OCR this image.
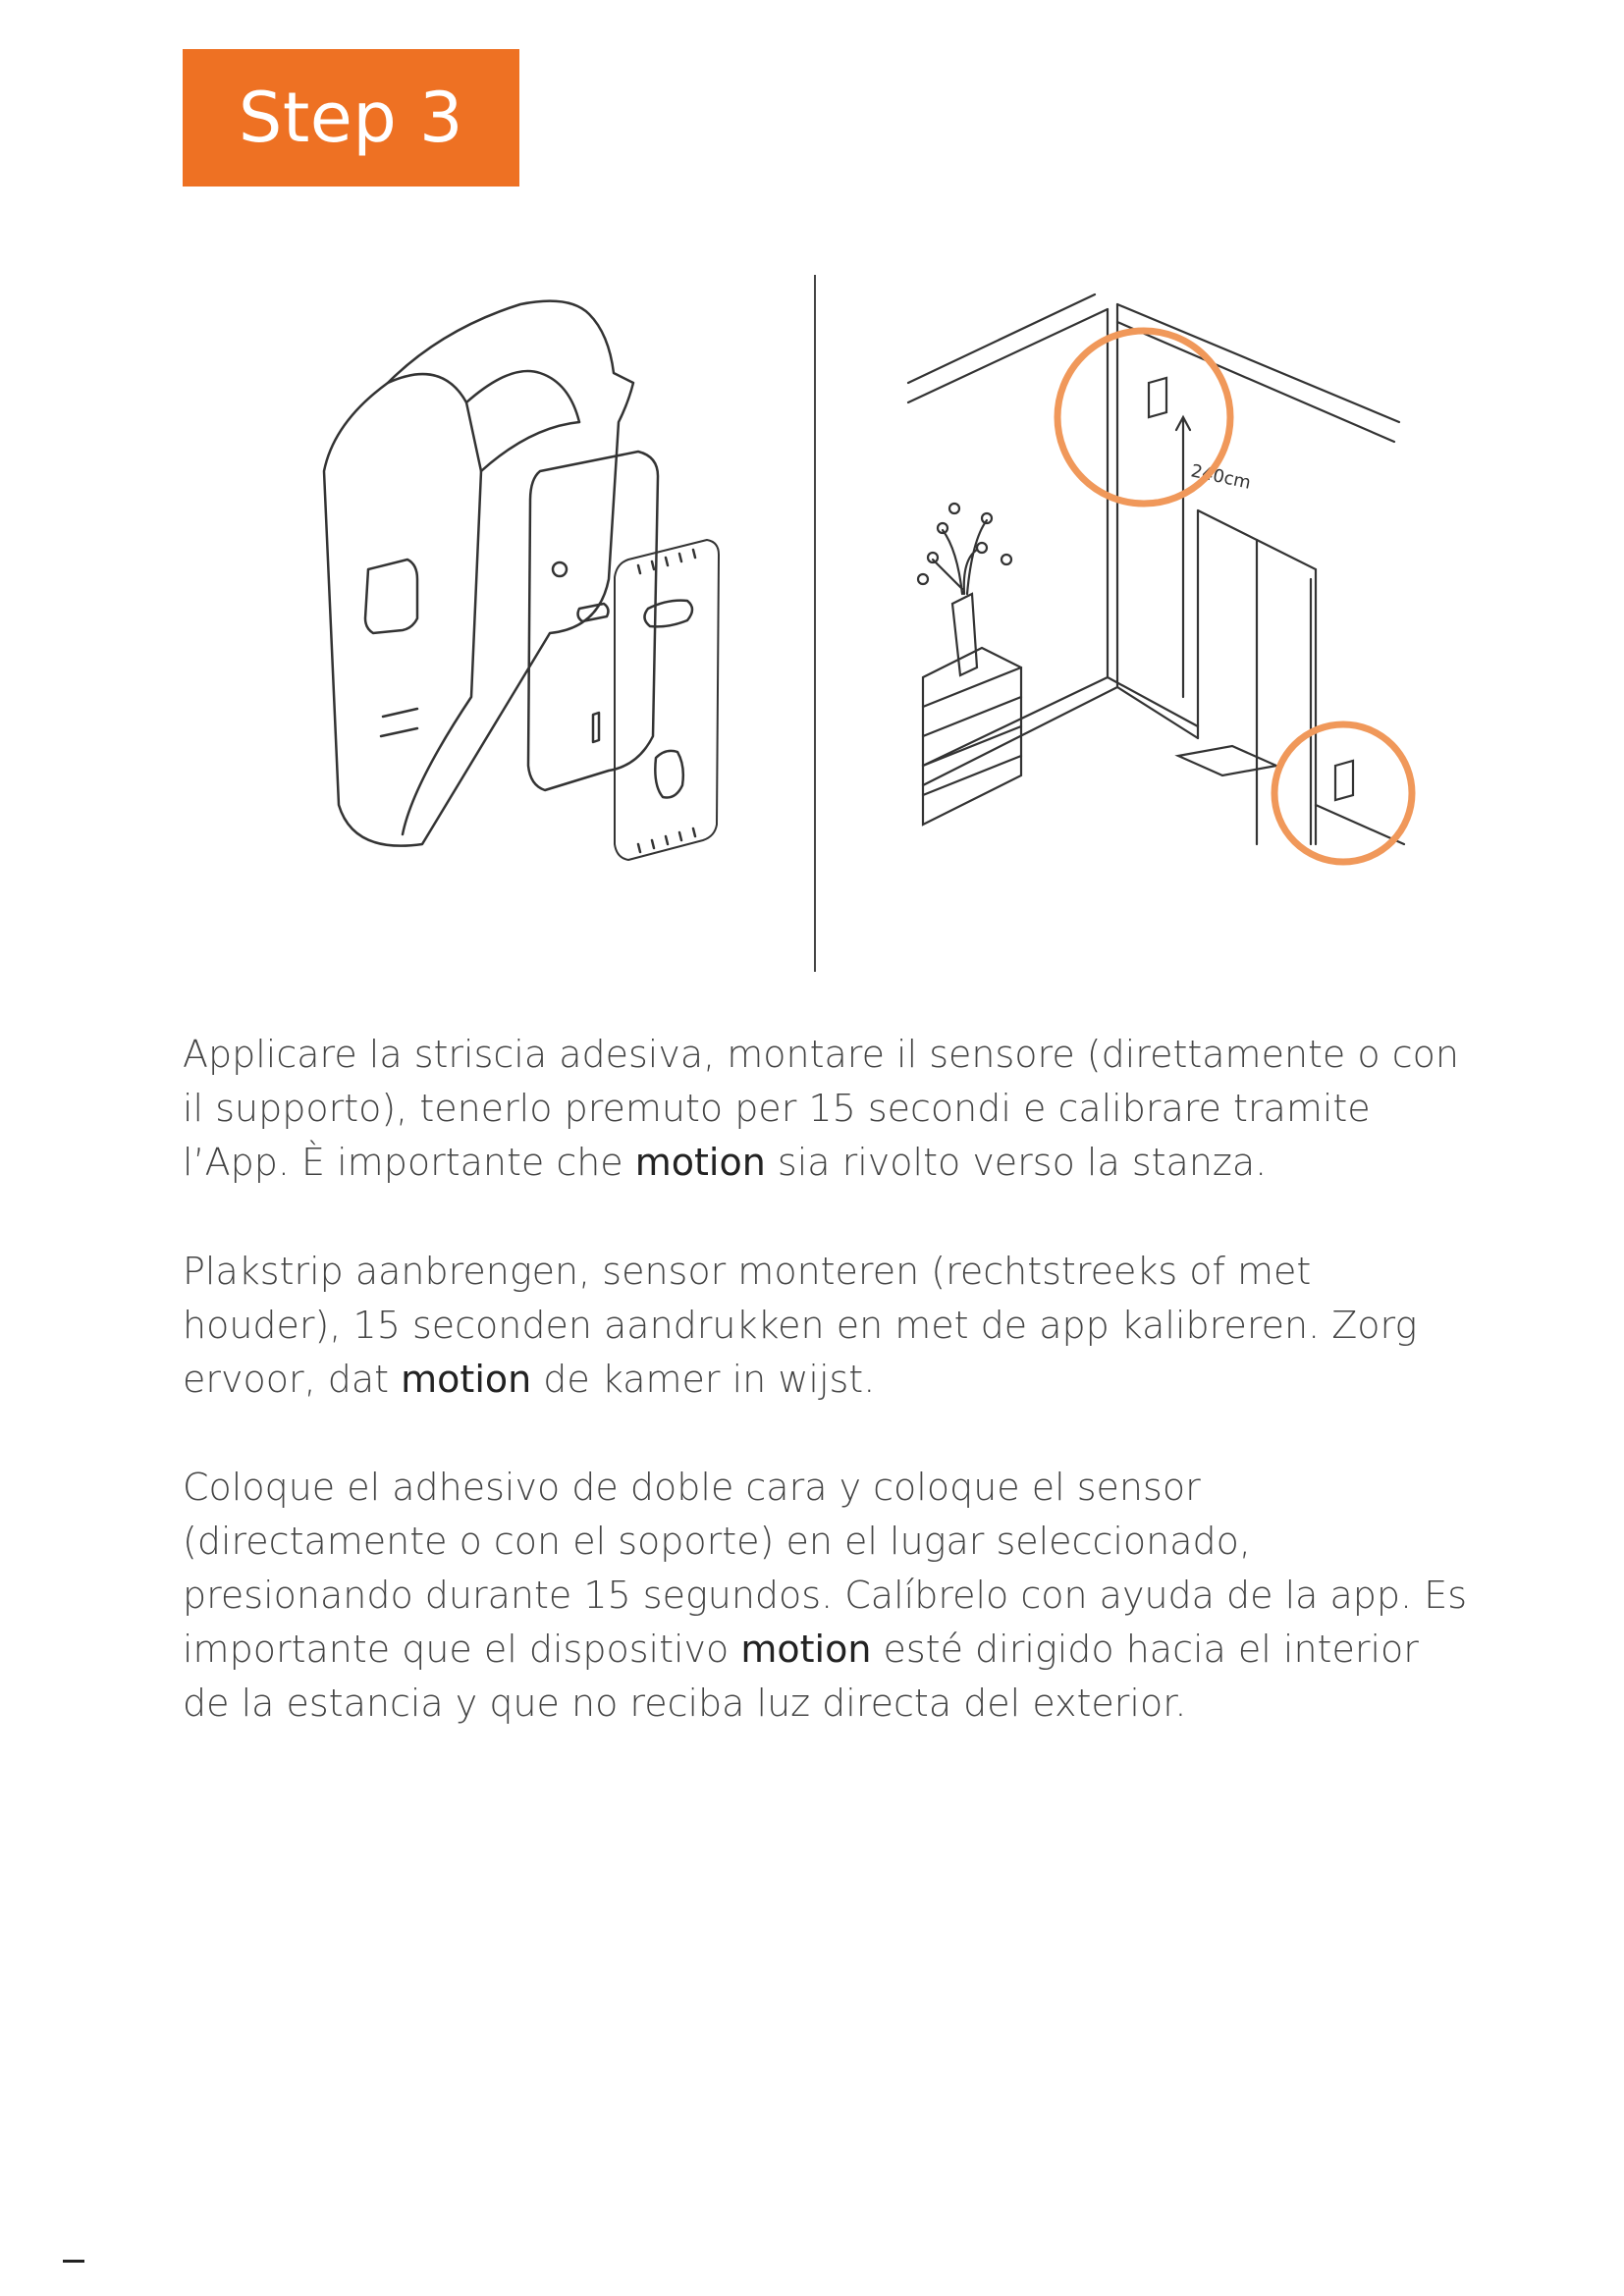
Step 3
240cm

Applicare la striscia adesiva, montare il sensore (direttamente o con il supporto), tenerlo premuto per 15 secondi e calibrare tramite l’App. È importante che motion sia rivolto verso la stanza.

Plakstrip aanbrengen, sensor monteren (rechtstreeks of met houder), 15 seconden aandrukken en met de app kalibreren. Zorg ervoor, dat motion de kamer in wijst.

Coloque el adhesivo de doble cara y coloque el sensor (directamente o con el soporte) en el lugar seleccionado, presionando durante 15 segundos. Calíbrelo con ayuda de la app. Es importante que el dispositivo motion esté dirigido hacia el interior de la estancia y que no reciba luz directa del exterior.
